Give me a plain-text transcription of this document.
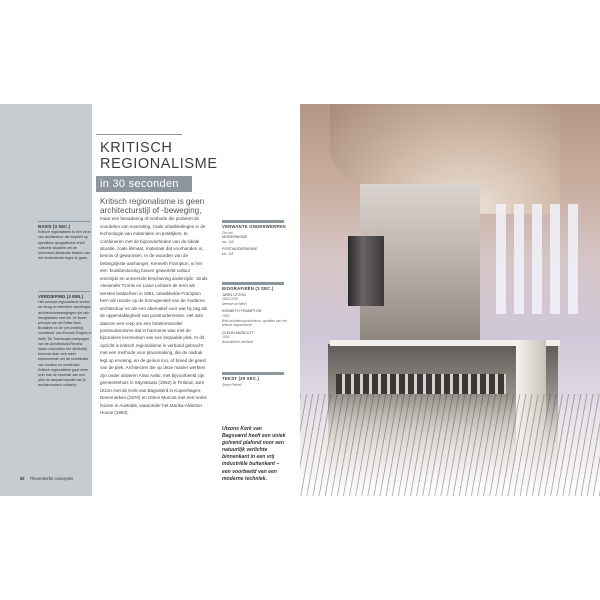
BASIS (3 SEC.)
Kritisch regionalisme is een vorm van architectuur die inspeelt op specifieke geografische en/of culturele situaties om de universeel-klinkende teksten van het modernisme tegen te gaan.
VERDIEPING (3 MIN.)
Het concept regionalisme vinden we terug in meerdere naoorlogse architectuurbewegingen die zich bezighielden met het 'ze faxen' principe van de Britse New Brutalists en de 'pre-existing conditions' van Ernesto Rogers in Italië. De Townscape-campagne van de Architectural Review kwam midvolden het 'dichtstbij', bovenal deze zich meer bekommerde om de combinatie van modern en vernieuwd. Kritisch regionalisme gaat meer over hoe de essentie van een plek de aanpak bepaalt van je architectonisch ontwerp.
KRITISCH
REGIONALISME
in 30 seconden
Kritisch regionalisme is geen architecturstijl of -beweging, maar een benadering of methode die probeert de voordelen van voorrating, zoals ontwikkelingen in de technologie van materialen en praktijken, te combineren met de bijzonderheden van de lokale situatie, zoals klimaat, materiaal dat voorhanden is, kennis of gewoonten. In de woorden van de belangrijkste aanhanger, Kenneth Frampton, is het een 'kruisbestuiving tussen geworteld cultuur enerzijds en universele beschaving anderzijds'. Sinds Alexander Tzonis en Liane Lefaivre de term als eersten bedachten in 1981, ontwikkelde Frampton hem als reactie op de homogeniteit van de moderne architectuur en als een alternatief voor wat hij zag als de oppervlakkigheid van postmodernisme. Het was daarom een roep om een betekenisvoller postmodernisme dat in harmonie was met de bijzondere kenmerken van een bepaalde plek. In dit opzicht is kritisch regionalisme in verband gebracht met een methode voor placemaking, die de nadruk legt op ervaring, en de genius loci, of breed de geest van de plek. Architecten die op deze manier werkten zijn onder anderen Alvar Aalto, met bijvoorbeeld zijn gemeentehuis in Säynätsalo (1952) in Finland, Jørn Utzon met de Kerk van Bagsværd in Kopenhagen, Denemarken (1976) en Glenn Murcutt met een reeks huizen in Australië, waaronder het Marika-Alderton House (1994).
VERWANTE ONDERWERPEN
Zie ook
MODERNISME
blz. 108
POSTMODERNISME
blz. 118
BIOGRAFIEËN (3 SEC.)
JØRN UTZON
1918-2008
Deense architect
KENNETH FRAMPTON
1930
Brits architectuurhistoricus, opsteller van het kritisch regionalisme
GLENN MURCUTT
1936
Australische architect
TEKST (30 SEC.)
Steve Parnell
Utzons Kerk van Bagsværd heeft een uniek golvend plafond voor een natuurlijk verlichte binnenkant in een vrij industriële buitenkant – een voorbeeld van een moderne techniek.
92 Theoretische concepten
